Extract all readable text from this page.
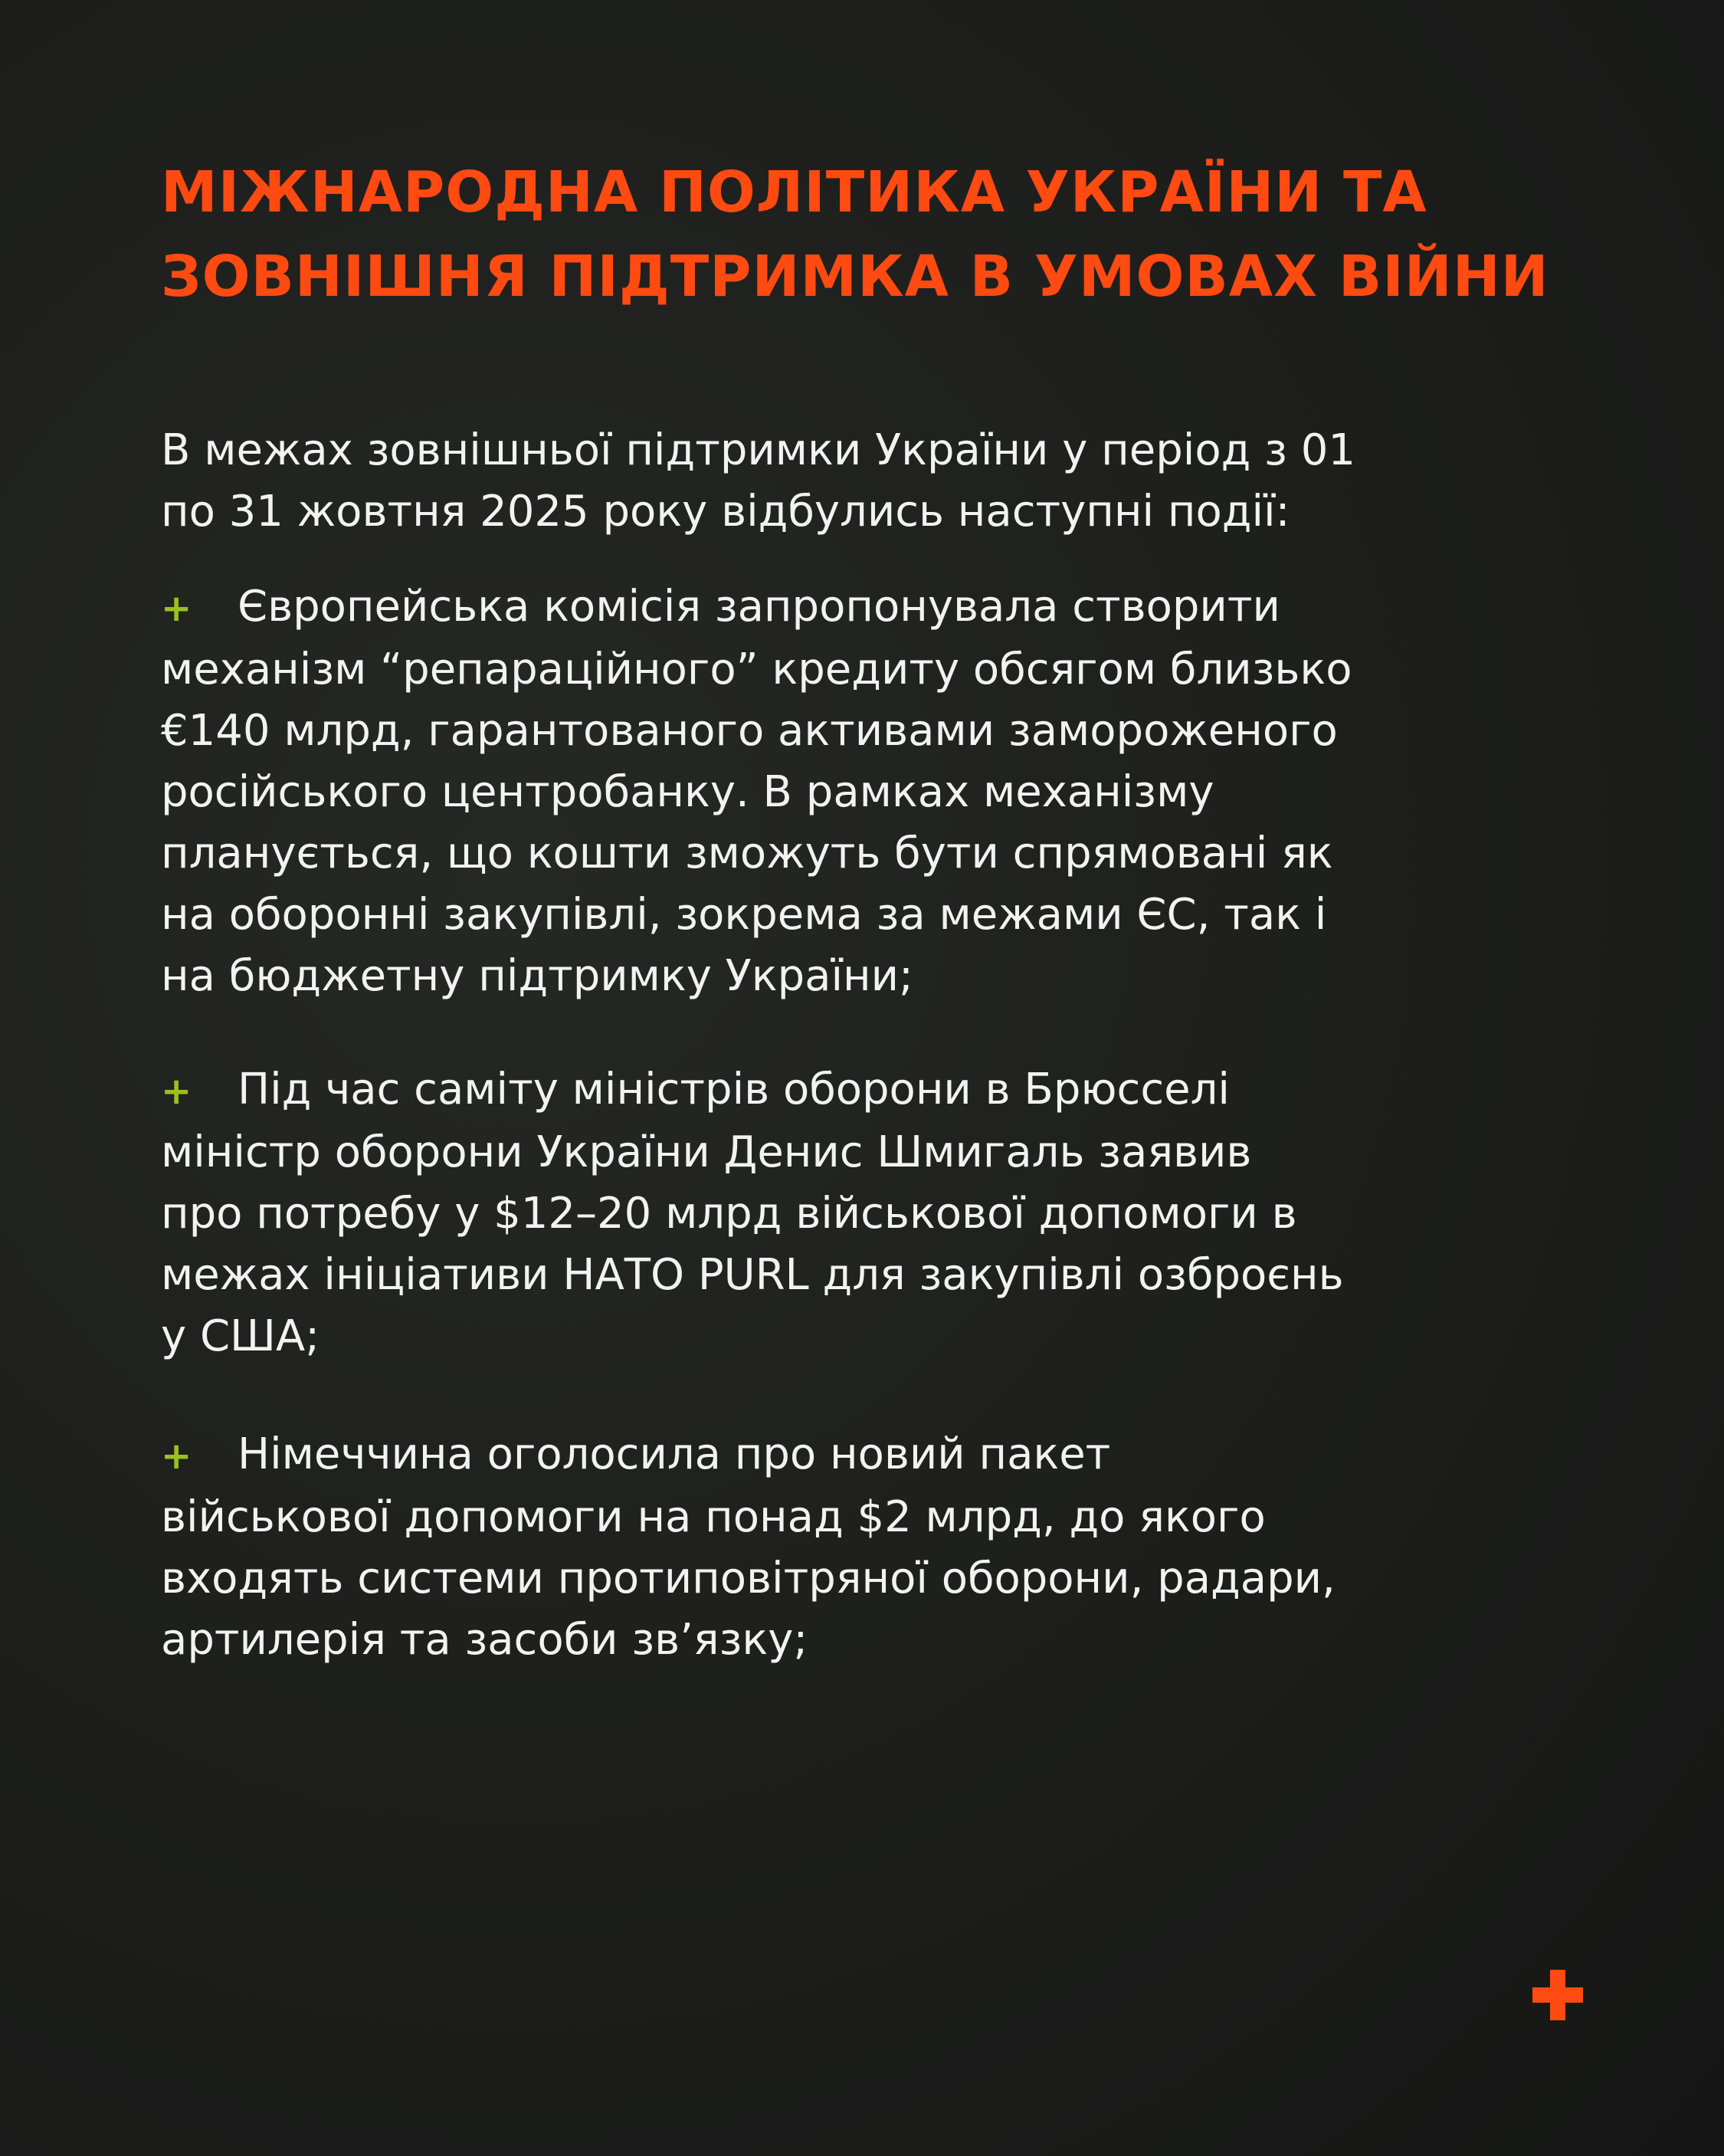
МІЖНАРОДНА ПОЛІТИКА УКРАЇНИ ТА
ЗОВНІШНЯ ПІДТРИМКА В УМОВАХ ВІЙНИ

В межах зовнішньої підтримки України у період з 01
по 31 жовтня 2025 року відбулись наступні події:

+ Європейська комісія запропонувала створити
механізм “репараційного” кредиту обсягом близько
€140 млрд, гарантованого активами замороженого
російського центробанку. В рамках механізму
планується, що кошти зможуть бути спрямовані як
на оборонні закупівлі, зокрема за межами ЄС, так і
на бюджетну підтримку України;
+ Під час саміту міністрів оборони в Брюсселі
міністр оборони України Денис Шмигаль заявив
про потребу у $12–20 млрд військової допомоги в
межах ініціативи НАТО PURL для закупівлі озброєнь
у США;
+ Німеччина оголосила про новий пакет
військової допомоги на понад $2 млрд, до якого
входять системи протиповітряної оборони, радари,
артилерія та засоби зв’язку;
